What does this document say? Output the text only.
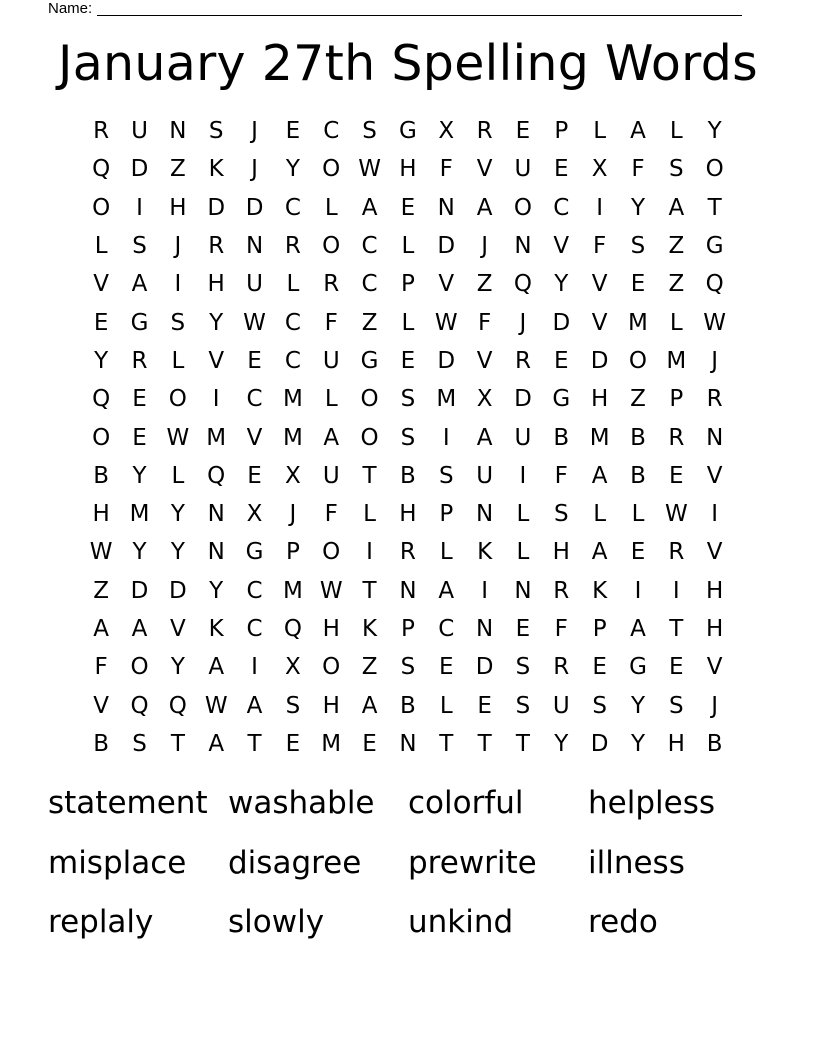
Name:
January 27th Spelling Words
R U N S	J	E	C	S G X R	E	P	L	A	L	Y
Q D Z K	J	Y O W H	F	V U E	X	F	S O
O	I	H D D C	L	A	E N A O C	I	Y	A	T
L	S	J	R N R O C	L	D	J	N V	F	S	Z G
V A	I	H U	L	R C	P	V Z Q Y	V	E	Z Q
E G S	Y W C	F	Z	L W F	J	D V M L W
Y	R	L	V	E	C U G E D V R	E D O M	J
Q E O	I	C M L O S M X D G H Z	P	R
O E W M V M A O S	I	A U B M B R N
B	Y	L Q E	X U T	B	S U	I	F	A B	E	V
H M Y N X	J	F	L	H P N	L	S	L	L W	I
W Y	Y N G P O	I	R	L	K	L	H A	E	R V
Z D D Y	C M W T N A	I	N R K	I	I	H
A A V K C Q H K	P	C N E	F	P	A	T H
F O Y	A	I	X O Z	S	E D S	R	E G E	V
V Q Q W A	S H A B	L	E	S U S	Y	S	J
B	S	T	A	T	E M E N T	T	T	Y D Y H B
statement washable	colorful	helpless
misplace	disagree	prewrite	illness
replaly	slowly	unkind	redo
